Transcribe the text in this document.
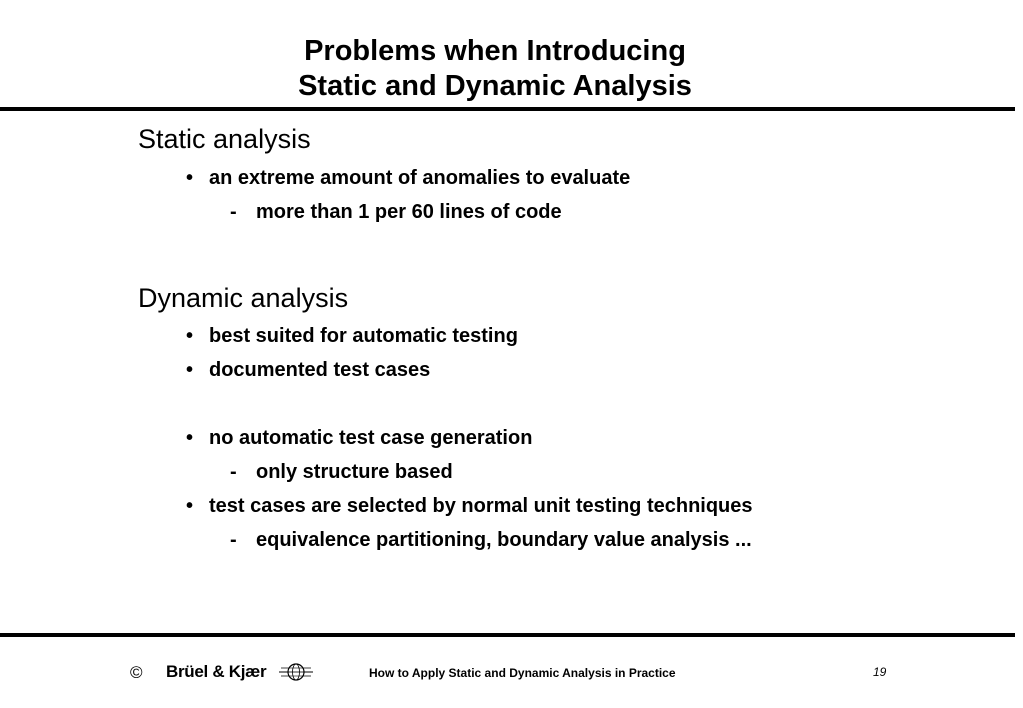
Problems when Introducing
Static and Dynamic Analysis
Static analysis
• an extreme amount of anomalies to evaluate
- more than 1 per 60 lines of code
Dynamic analysis
• best suited for automatic testing
• documented test cases
• no automatic test case generation
- only structure based
• test cases are selected by normal unit testing techniques
- equivalence partitioning, boundary value analysis ...
© Brüel & Kjær	How to Apply Static and Dynamic Analysis in Practice	19
